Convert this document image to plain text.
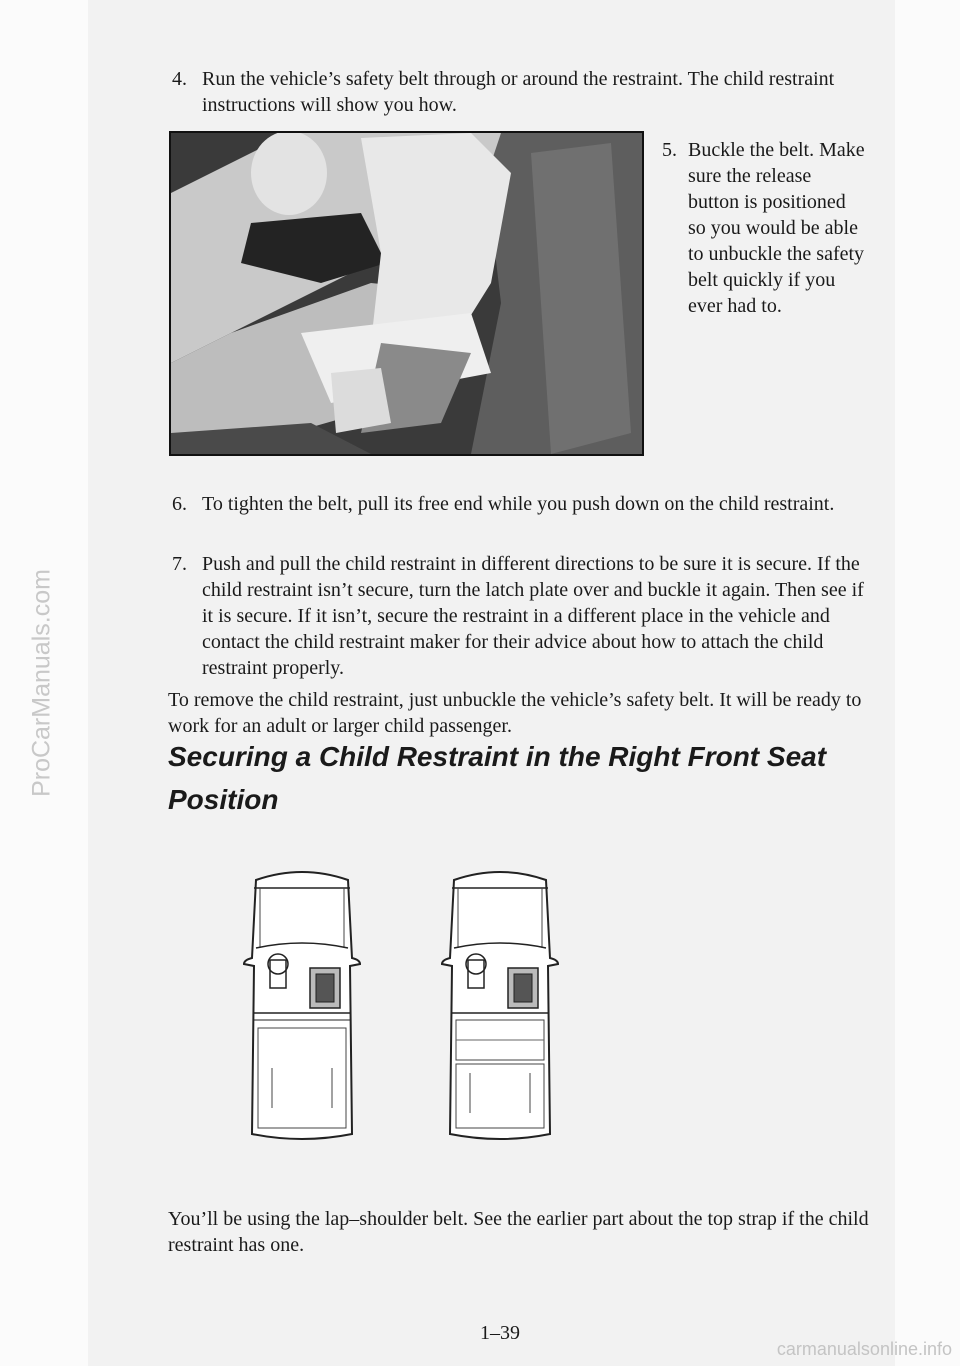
ProCarManuals.com
4. Run the vehicle’s safety belt through or around the restraint. The child restraint instructions will show you how.
5. Buckle the belt. Make sure the release button is positioned so you would be able to unbuckle the safety belt quickly if you ever had to.
6. To tighten the belt, pull its free end while you push down on the child restraint.
7. Push and pull the child restraint in different directions to be sure it is secure. If the child restraint isn’t secure, turn the latch plate over and buckle it again. Then see if it is secure. If it isn’t, secure the restraint in a different place in the vehicle and contact the child restraint maker for their advice about how to attach the child restraint properly.
To remove the child restraint, just unbuckle the vehicle’s safety belt. It will be ready to work for an adult or larger child passenger.
Securing a Child Restraint in the Right Front Seat Position
You’ll be using the lap–shoulder belt. See the earlier part about the top strap if the child restraint has one.
1–39
carmanualsonline.info
